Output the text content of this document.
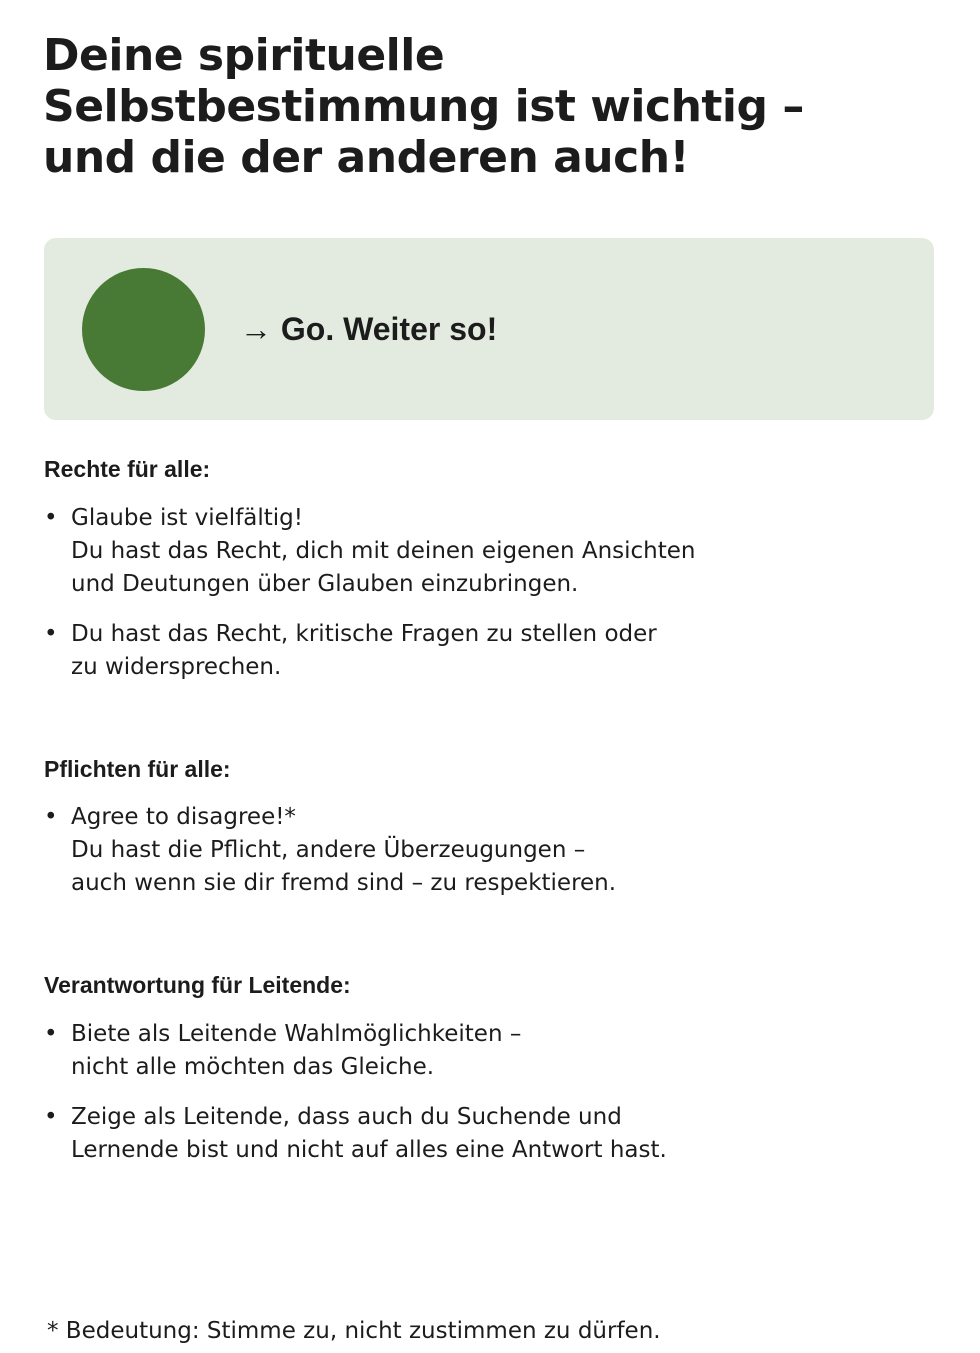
Deine spirituelle
Selbstbestimmung ist wichtig –
und die der anderen auch!
→ Go. Weiter so!
Rechte für alle:
• Glaube ist vielfältig!
Du hast das Recht, dich mit deinen eigenen Ansichten
und Deutungen über Glauben einzubringen.
• Du hast das Recht, kritische Fragen zu stellen oder
zu widersprechen.
Pflichten für alle:
• Agree to disagree!*
Du hast die Pflicht, andere Überzeugungen –
auch wenn sie dir fremd sind – zu respektieren.
Verantwortung für Leitende:
• Biete als Leitende Wahlmöglichkeiten –
nicht alle möchten das Gleiche.
• Zeige als Leitende, dass auch du Suchende und
Lernende bist und nicht auf alles eine Antwort hast.

* Bedeutung: Stimme zu, nicht zustimmen zu dürfen.
